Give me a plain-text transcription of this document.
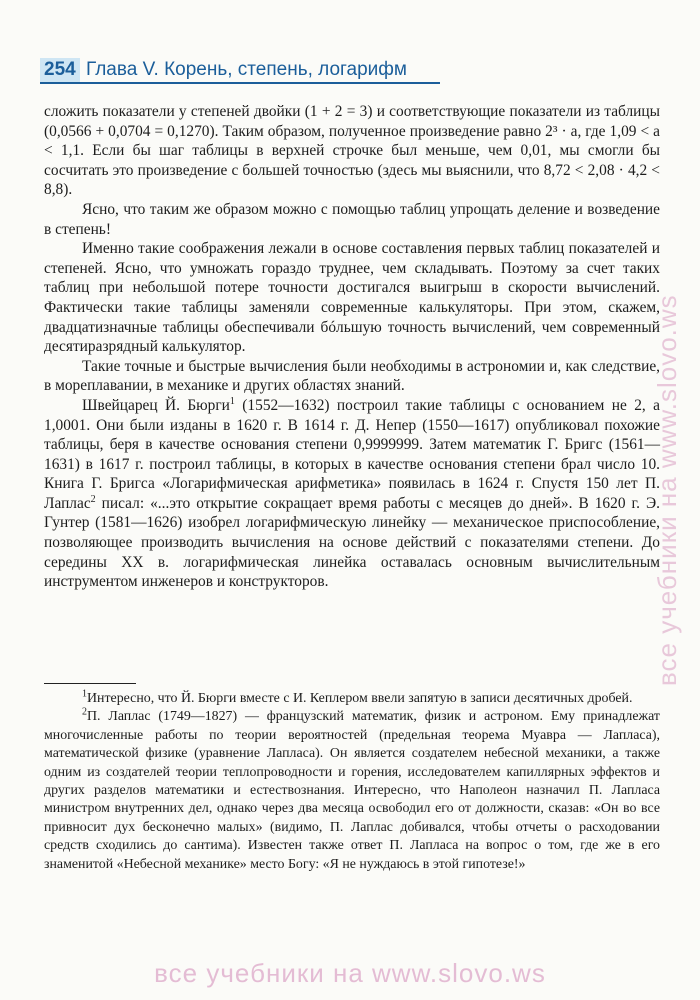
254 Глава V. Корень, степень, логарифм

сложить показатели у степеней двойки (1 + 2 = 3) и соответствующие показатели из таблицы (0,0566 + 0,0704 = 0,1270). Таким образом, полученное произведение равно 2³ · a, где 1,09 < a < 1,1. Если бы шаг таблицы в верхней строчке был меньше, чем 0,01, мы смогли бы сосчитать это произведение с большей точностью (здесь мы выяснили, что 8,72 < 2,08 · 4,2 < 8,8).

Ясно, что таким же образом можно с помощью таблиц упрощать деление и возведение в степень!

Именно такие соображения лежали в основе составления первых таблиц показателей и степеней. Ясно, что умножать гораздо труднее, чем складывать. Поэтому за счет таких таблиц при небольшой потере точности достигался выигрыш в скорости вычислений. Фактически такие таблицы заменяли современные калькуляторы. При этом, скажем, двадцатизначные таблицы обеспечивали бóльшую точность вычислений, чем современный десятиразрядный калькулятор.

Такие точные и быстрые вычисления были необходимы в астрономии и, как следствие, в мореплавании, в механике и других областях знаний.

Швейцарец Й. Бюрги$^1$ (1552—1632) построил такие таблицы с основанием не 2, а 1,0001. Они были изданы в 1620 г. В 1614 г. Д. Непер (1550—1617) опубликовал похожие таблицы, беря в качестве основания степени 0,9999999. Затем математик Г. Бригс (1561—1631) в 1617 г. построил таблицы, в которых в качестве основания степени брал число 10. Книга Г. Бригса «Логарифмическая арифметика» появилась в 1624 г. Спустя 150 лет П. Лаплас$^2$ писал: «...это открытие сокращает время работы с месяцев до дней». В 1620 г. Э. Гунтер (1581—1626) изобрел логарифмическую линейку — механическое приспособление, позволяющее производить вычисления на основе действий с показателями степени. До середины XX в. логарифмическая линейка оставалась основным вычислительным инструментом инженеров и конструкторов.

$^1$Интересно, что Й. Бюрги вместе с И. Кеплером ввели запятую в записи десятичных дробей.

$^2$П. Лаплас (1749—1827) — французский математик, физик и астроном. Ему принадлежат многочисленные работы по теории вероятностей (предельная теорема Муавра — Лапласа), математической физике (уравнение Лапласа). Он является создателем небесной механики, а также одним из создателей теории теплопроводности и горения, исследователем капиллярных эффектов и других разделов математики и естествознания. Интересно, что Наполеон назначил П. Лапласа министром внутренних дел, однако через два месяца освободил его от должности, сказав: «Он во все привносит дух бесконечно малых» (видимо, П. Лаплас добивался, чтобы отчеты о расходовании средств сходились до сантима). Известен также ответ П. Лапласа на вопрос о том, где же в его знаменитой «Небесной механике» место Богу: «Я не нуждаюсь в этой гипотезе!»

все учебники на www.slovo.ws
все учебники на www.slovo.ws
